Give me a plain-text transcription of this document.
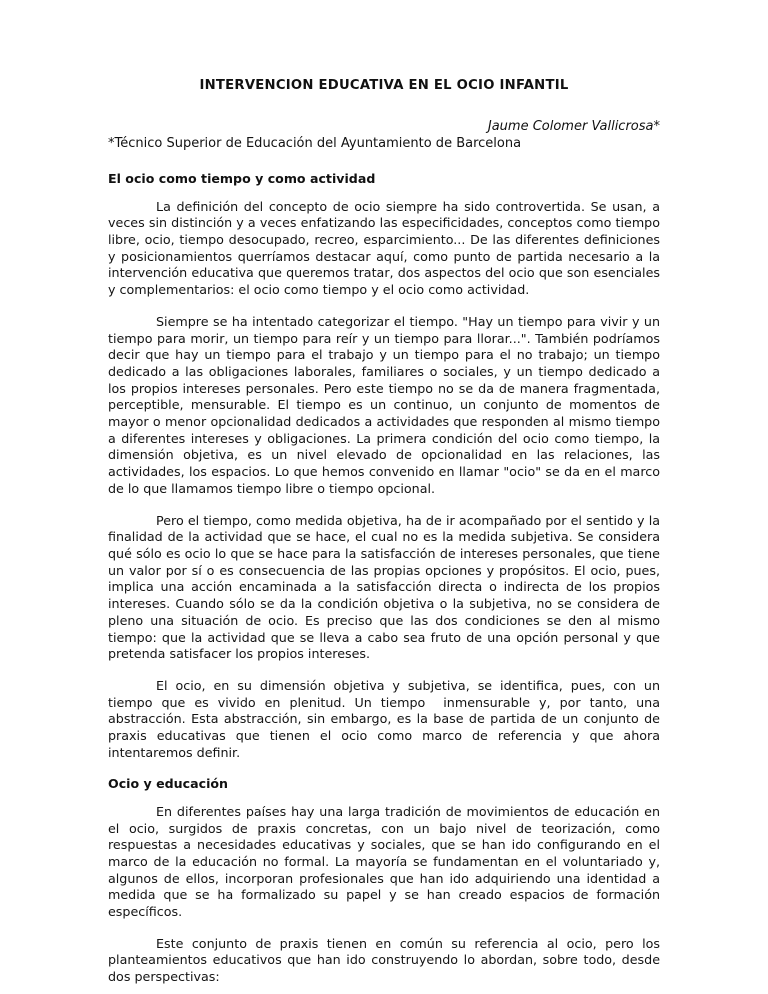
INTERVENCION EDUCATIVA EN EL OCIO INFANTIL

Jaume Colomer Vallicrosa*

*Técnico Superior de Educación del Ayuntamiento de Barcelona

El ocio como tiempo y como actividad

La definición del concepto de ocio siempre ha sido controvertida. Se usan, a veces sin distinción y a veces enfatizando las especificidades, conceptos como tiempo libre, ocio, tiempo desocupado, recreo, esparcimiento... De las diferentes definiciones y posicionamientos querríamos destacar aquí, como punto de partida necesario a la intervención educativa que queremos tratar, dos aspectos del ocio que son esenciales y complementarios: el ocio como tiempo y el ocio como actividad.

Siempre se ha intentado categorizar el tiempo. "Hay un tiempo para vivir y un tiempo para morir, un tiempo para reír y un tiempo para llorar...". También podríamos decir que hay un tiempo para el trabajo y un tiempo para el no trabajo; un tiempo dedicado a las obligaciones laborales, familiares o sociales, y un tiempo dedicado a los propios intereses personales. Pero este tiempo no se da de manera fragmentada, perceptible, mensurable. El tiempo es un continuo, un conjunto de momentos de mayor o menor opcionalidad dedicados a actividades que responden al mismo tiempo a diferentes intereses y obligaciones. La primera condición del ocio como tiempo, la dimensión objetiva, es un nivel elevado de opcionalidad en las relaciones, las actividades, los espacios. Lo que hemos convenido en llamar "ocio" se da en el marco de lo que llamamos tiempo libre o tiempo opcional.

Pero el tiempo, como medida objetiva, ha de ir acompañado por el sentido y la finalidad de la actividad que se hace, el cual no es la medida subjetiva. Se considera qué sólo es ocio lo que se hace para la satisfacción de intereses personales, que tiene un valor por sí o es consecuencia de las propias opciones y propósitos. El ocio, pues, implica una acción encaminada a la satisfacción directa o indirecta de los propios intereses. Cuando sólo se da la condición objetiva o la subjetiva, no se considera de pleno una situación de ocio. Es preciso que las dos condiciones se den al mismo tiempo: que la actividad que se lleva a cabo sea fruto de una opción personal y que pretenda satisfacer los propios intereses.

El ocio, en su dimensión objetiva y subjetiva, se identifica, pues, con un tiempo que es vivido en plenitud. Un tiempo  inmensurable y, por tanto, una abstracción. Esta abstracción, sin embargo, es la base de partida de un conjunto de praxis educativas que tienen el ocio como marco de referencia y que ahora intentaremos definir.

Ocio y educación

En diferentes países hay una larga tradición de movimientos de educación en el ocio, surgidos de praxis concretas, con un bajo nivel de teorización, como respuestas a necesidades educativas y sociales, que se han ido configurando en el marco de la educación no formal. La mayoría se fundamentan en el voluntariado y, algunos de ellos, incorporan profesionales que han ido adquiriendo una identidad a medida que se ha formalizado su papel y se han creado espacios de formación específicos.

Este conjunto de praxis tienen en común su referencia al ocio, pero los planteamientos educativos que han ido construyendo lo abordan, sobre todo, desde dos perspectivas:
